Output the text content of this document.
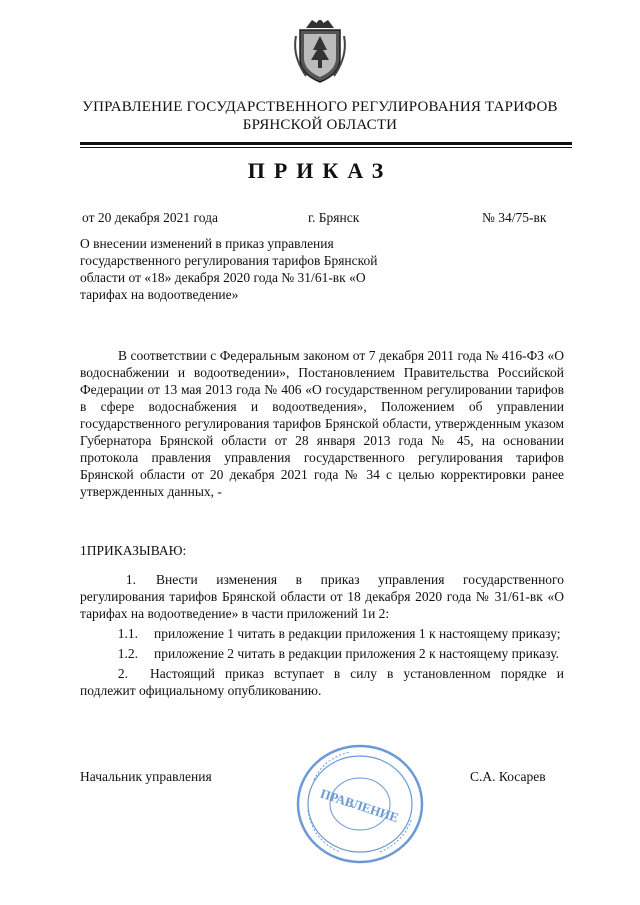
УПРАВЛЕНИЕ ГОСУДАРСТВЕННОГО РЕГУЛИРОВАНИЯ ТАРИФОВ
БРЯНСКОЙ ОБЛАСТИ
ПРИКАЗ
от 20 декабря 2021 года	г. Брянск	№ 34/75-вк

О внесении изменений в приказ управления государственного регулирования тарифов Брянской области от «18» декабря 2020 года № 31/61-вк «О тарифах на водоотведение»

В соответствии с Федеральным законом от 7 декабря 2011 года № 416-ФЗ «О водоснабжении и водоотведении», Постановлением Правительства Российской Федерации от 13 мая 2013 года № 406 «О государственном регулировании тарифов в сфере водоснабжения и водоотведения», Положением об управлении государственного регулирования тарифов Брянской области, утвержденным указом Губернатора Брянской области от 28 января 2013 года № 45, на основании протокола правления управления государственного регулирования тарифов Брянской области от 20 декабря 2021 года № 34 с целью корректировки ранее утвержденных данных, -

1ПРИКАЗЫВАЮ:

1. Внести изменения в приказ управления государственного регулирования тарифов Брянской области от 18 декабря 2020 года № 31/61-вк «О тарифах на водоотведение» в части приложений 1и 2:

1.1. приложение 1 читать в редакции приложения 1 к настоящему приказу;

1.2. приложение 2 читать в редакции приложения 2 к настоящему приказу.

2. Настоящий приказ вступает в силу в установленном порядке и подлежит официальному опубликованию.

Начальник управления	С.А. Косарев
ПРАВЛЕНИЕ
